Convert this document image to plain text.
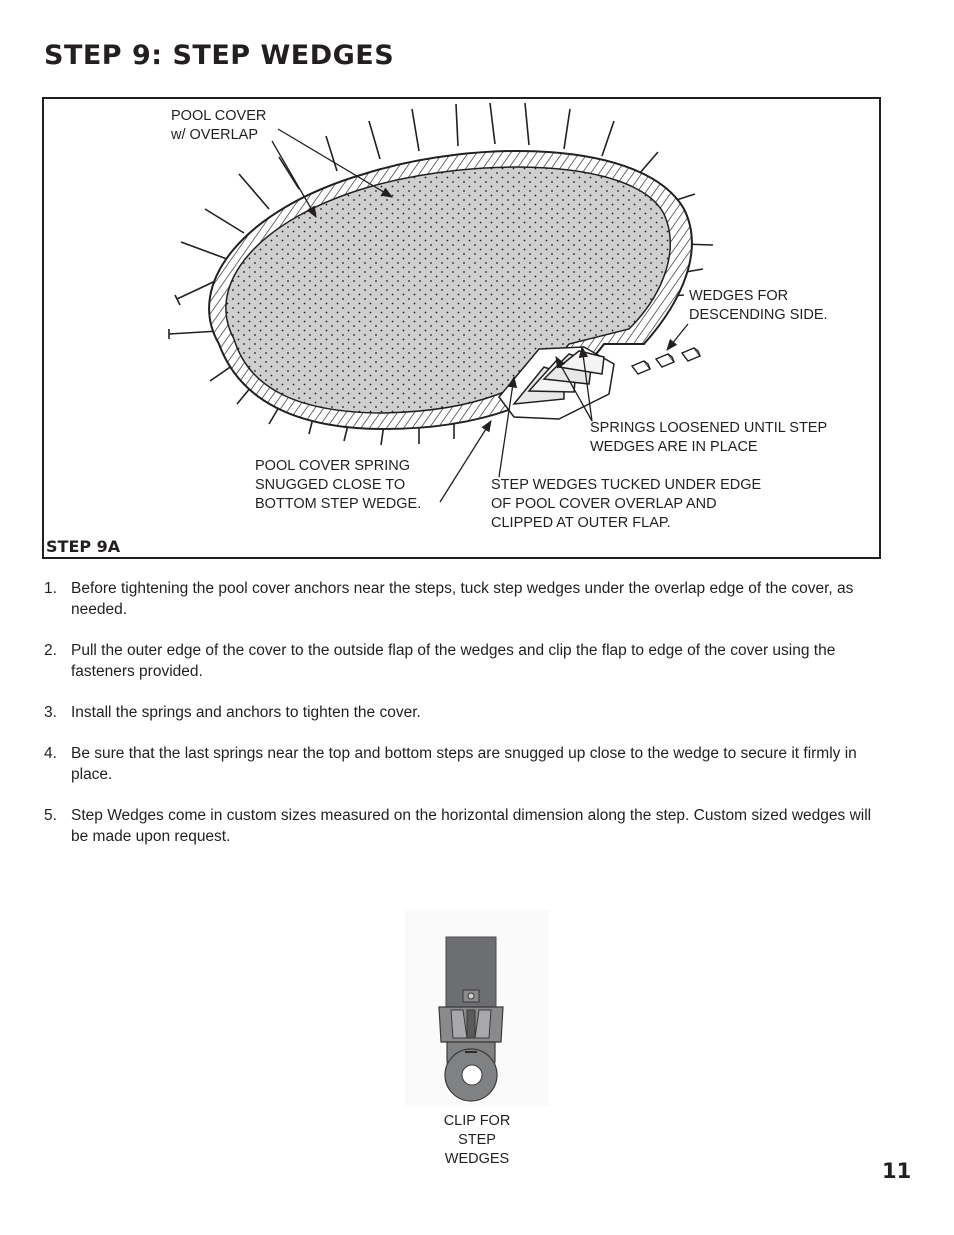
STEP 9: STEP WEDGES
POOL COVER
w/ OVERLAP
WEDGES FOR
DESCENDING SIDE.
SPRINGS LOOSENED UNTIL STEP
WEDGES ARE IN PLACE
POOL COVER SPRING
SNUGGED CLOSE TO
BOTTOM STEP WEDGE.
STEP WEDGES TUCKED UNDER EDGE
OF POOL COVER OVERLAP AND
CLIPPED AT OUTER FLAP.
STEP 9A
1. Before tightening the pool cover anchors near the steps, tuck step wedges under the overlap edge of the cover, as needed.
2. Pull the outer edge of the cover to the outside flap of the wedges and clip the flap to edge of the cover using the fasteners provided.
3. Install the springs and anchors to tighten the cover.
4. Be sure that the last springs near the top and bottom steps are snugged up close to the wedge to secure it firmly in place.
5. Step Wedges come in custom sizes measured on the horizontal dimension along the step. Custom sized wedges will be made upon request.
CLIP FOR
STEP
WEDGES	11
